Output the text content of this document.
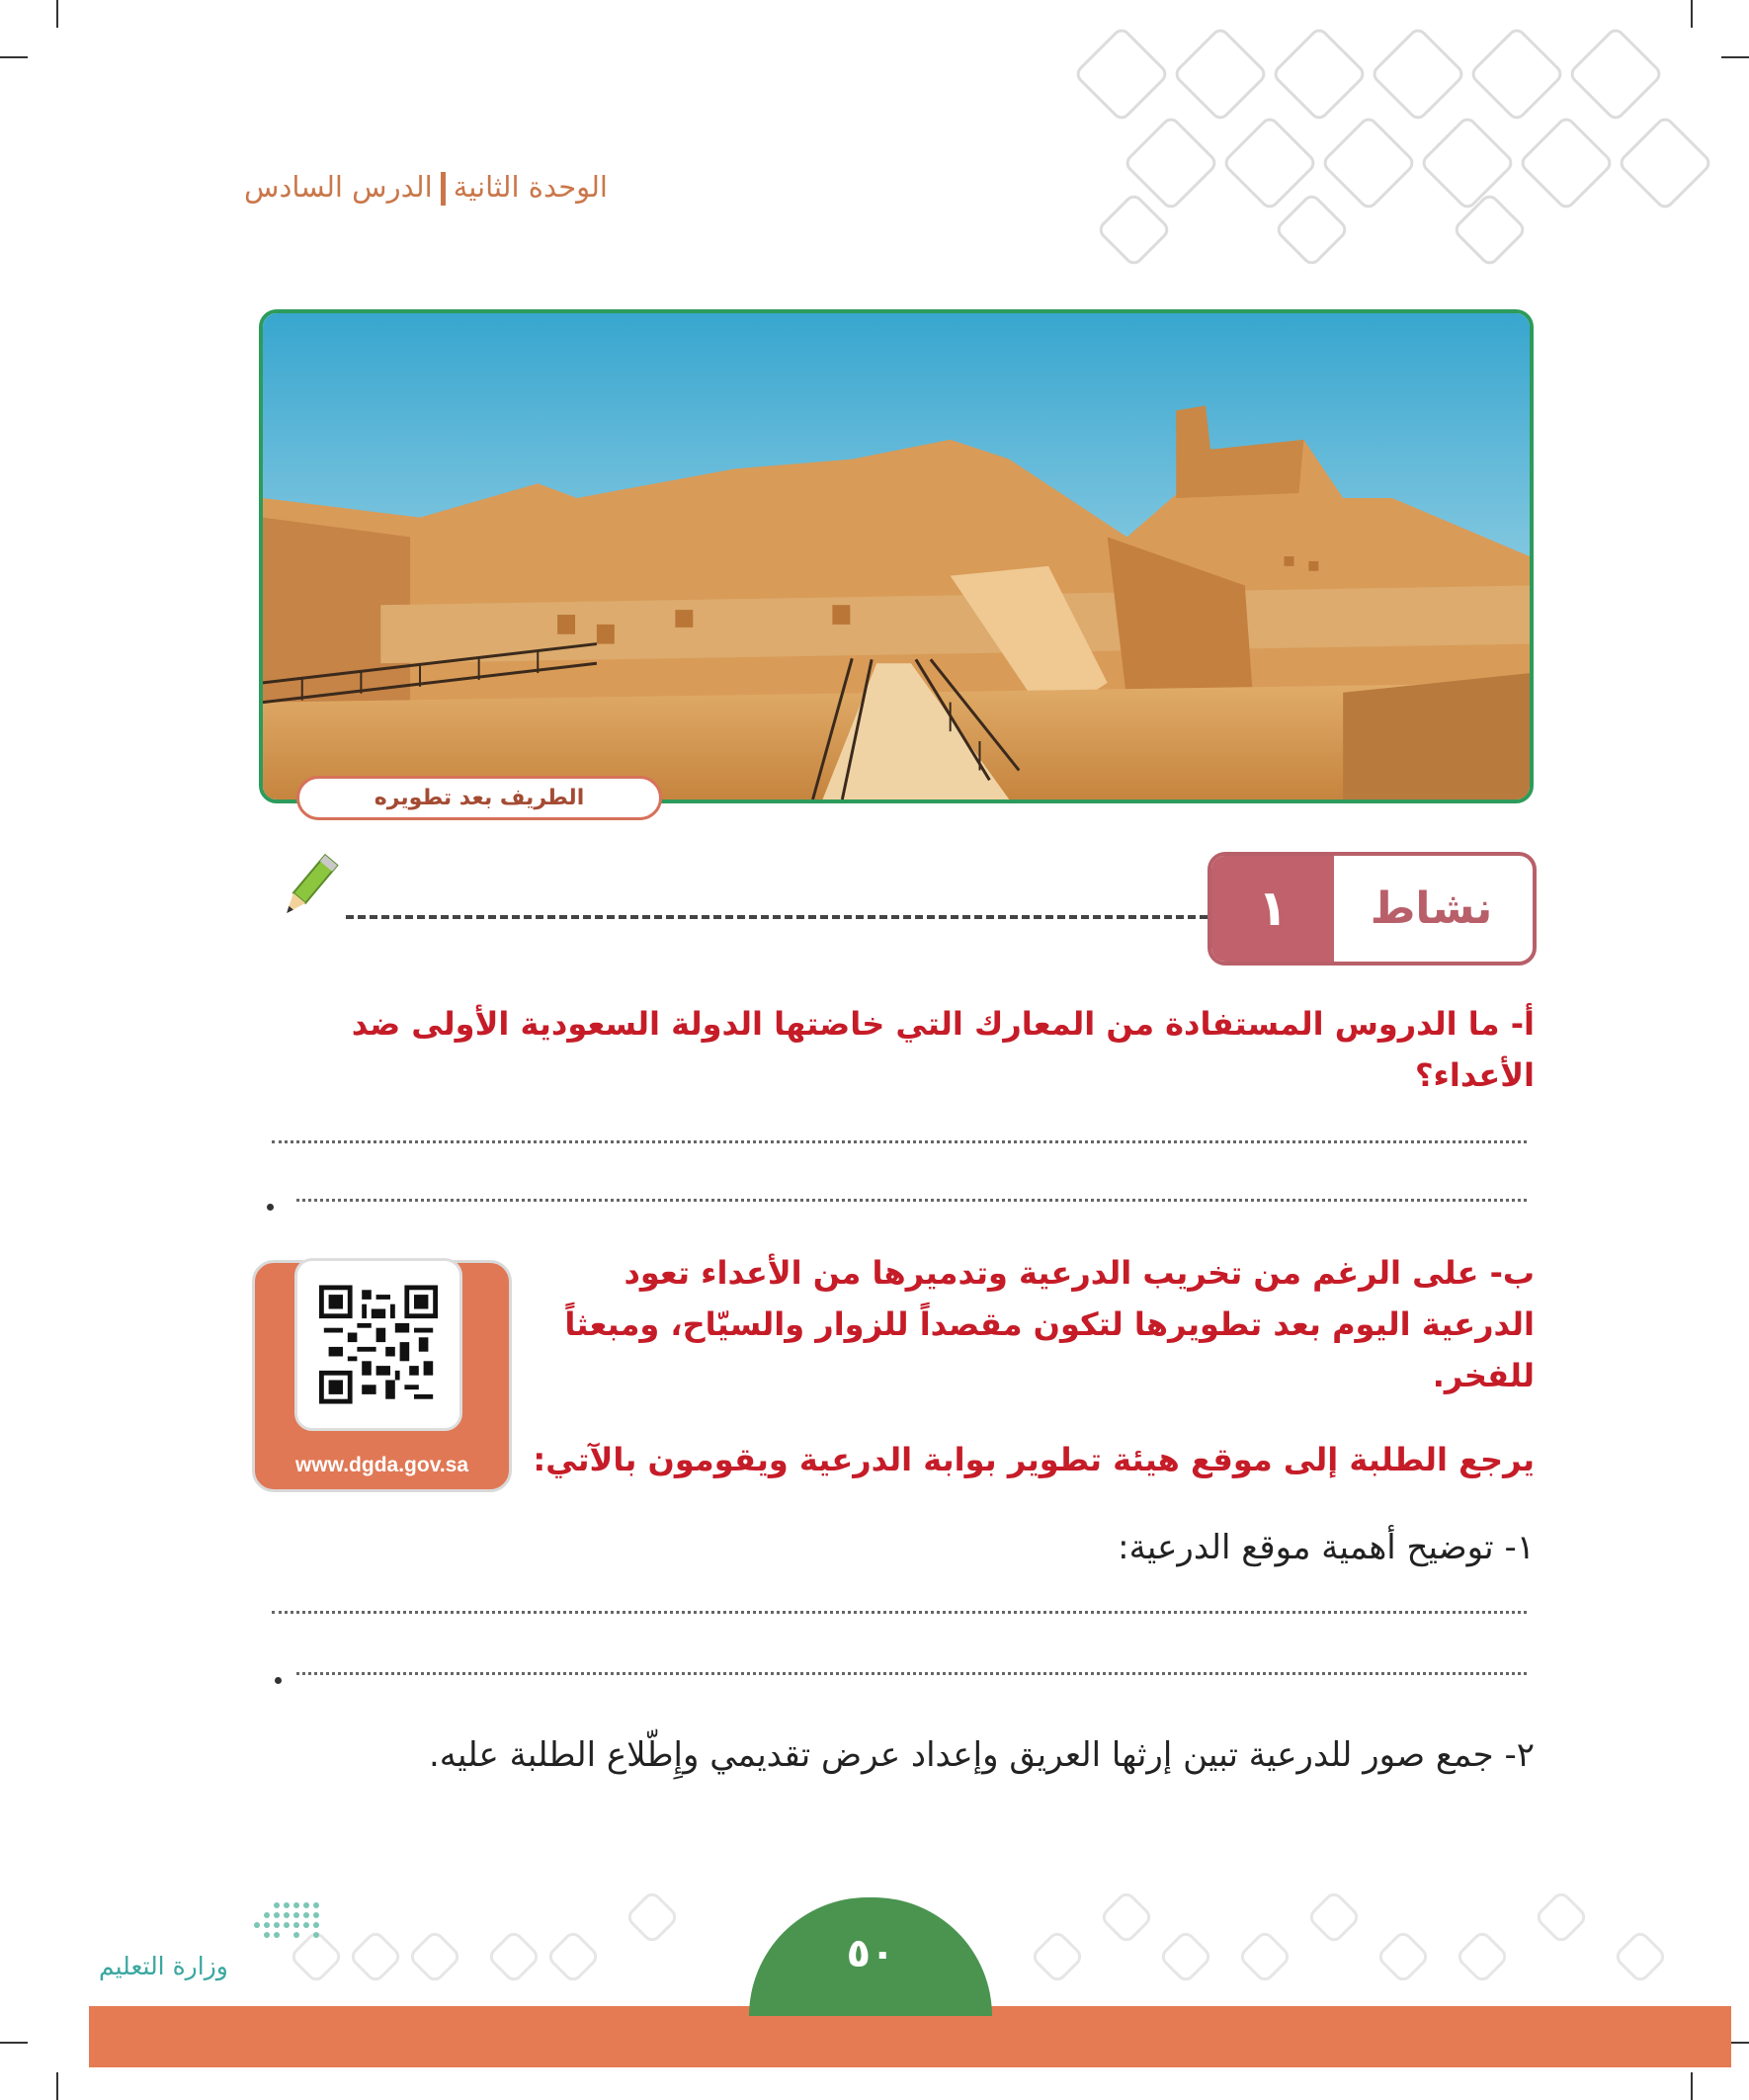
الوحدة الثانيةالدرس السادس
الطريف بعد تطويره
١	نشاط
أ- ما الدروس المستفادة من المعارك التي خاضتها الدولة السعودية الأولى ضد
الأعداء؟
ب- على الرغم من تخريب الدرعية وتدميرها من الأعداء تعود
الدرعية اليوم بعد تطويرها لتكون مقصداً للزوار والسيّاح، ومبعثاً
للفخر.
www.dgda.gov.sa	يرجع الطلبة إلى موقع هيئة تطوير بوابة الدرعية ويقومون بالآتي:
١- توضيح أهمية موقع الدرعية:
٢- جمع صور للدرعية تبين إرثها العريق وإعداد عرض تقديمي وإِطّلاع الطلبة عليه.
وزارة التعليم	٥٠
